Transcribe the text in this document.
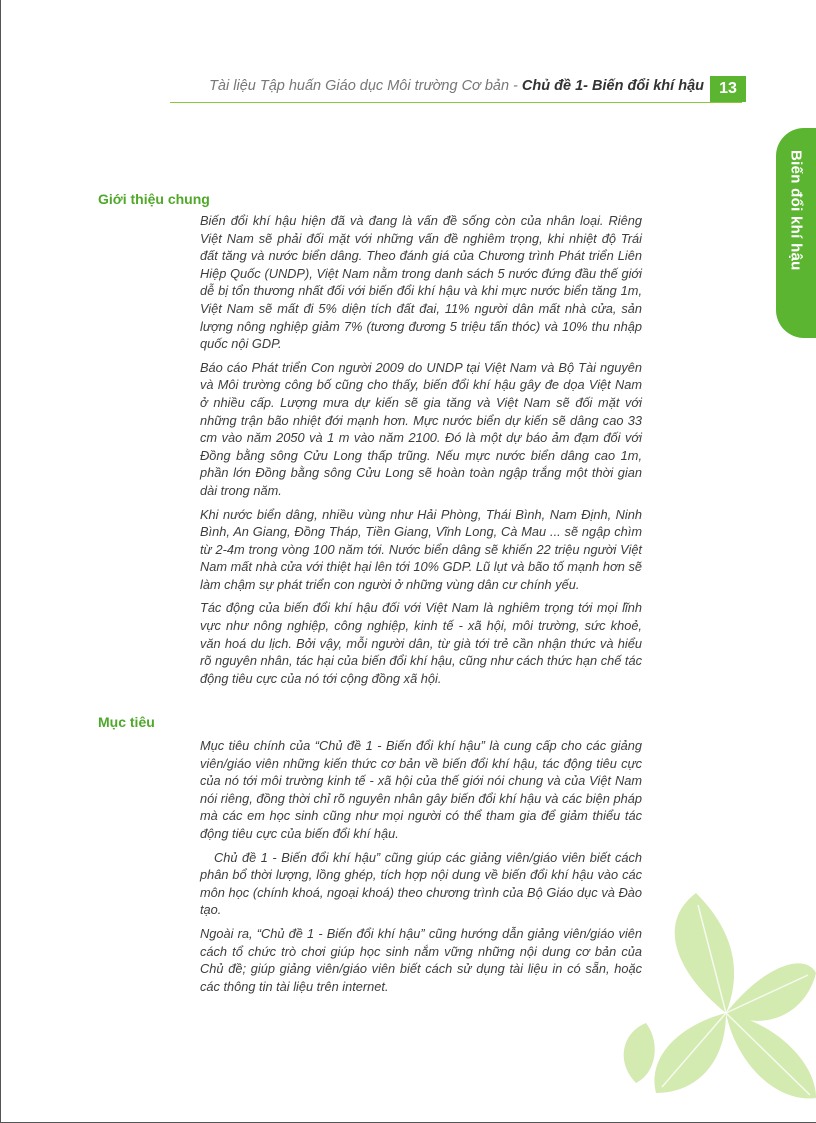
Tài liệu Tập huấn Giáo dục Môi trường Cơ bản - Chủ đề 1- Biến đổi khí hậu 13
Biến đổi khí hậu
Giới thiệu chung

Biến đổi khí hậu hiện đã và đang là vấn đề sống còn của nhân loại. Riêng Việt Nam sẽ phải đối mặt với những vấn đề nghiêm trọng, khi nhiệt độ Trái đất tăng và nước biển dâng. Theo đánh giá của Chương trình Phát triển Liên Hiệp Quốc (UNDP), Việt Nam nằm trong danh sách 5 nước đứng đầu thế giới dễ bị tổn thương nhất đối với biến đổi khí hậu và khi mực nước biển tăng 1m, Việt Nam sẽ mất đi 5% diện tích đất đai, 11% người dân mất nhà cửa, sản lượng nông nghiệp giảm 7% (tương đương 5 triệu tấn thóc) và 10% thu nhập quốc nội GDP.

Báo cáo Phát triển Con người 2009 do UNDP tại Việt Nam và Bộ Tài nguyên và Môi trường công bố cũng cho thấy, biến đổi khí hậu gây đe dọa Việt Nam ở nhiều cấp. Lượng mưa dự kiến sẽ gia tăng và Việt Nam sẽ đối mặt với những trận bão nhiệt đới mạnh hơn. Mực nước biển dự kiến sẽ dâng cao 33 cm vào năm 2050 và 1 m vào năm 2100. Đó là một dự báo ảm đạm đối với Đồng bằng sông Cửu Long thấp trũng. Nếu mực nước biển dâng cao 1m, phần lớn Đồng bằng sông Cửu Long sẽ hoàn toàn ngập trắng một thời gian dài trong năm.

Khi nước biển dâng, nhiều vùng như Hải Phòng, Thái Bình, Nam Định, Ninh Bình, An Giang, Đồng Tháp, Tiền Giang, Vĩnh Long, Cà Mau ... sẽ ngập chìm từ 2-4m trong vòng 100 năm tới. Nước biển dâng sẽ khiến 22 triệu người Việt Nam mất nhà cửa với thiệt hại lên tới 10% GDP. Lũ lụt và bão tố mạnh hơn sẽ làm chậm sự phát triển con người ở những vùng dân cư chính yếu.

Tác động của biến đổi khí hậu đối với Việt Nam là nghiêm trọng tới mọi lĩnh vực như nông nghiệp, công nghiệp, kinh tế - xã hội, môi trường, sức khoẻ, văn hoá du lịch. Bởi vậy, mỗi người dân, từ già tới trẻ cần nhận thức và hiểu rõ nguyên nhân, tác hại của biến đổi khí hậu, cũng như cách thức hạn chế tác động tiêu cực của nó tới cộng đồng xã hội.

Mục tiêu

Mục tiêu chính của “Chủ đề 1 - Biến đổi khí hậu” là cung cấp cho các giảng viên/giáo viên những kiến thức cơ bản về biến đổi khí hậu, tác động tiêu cực của nó tới môi trường kinh tế - xã hội của thế giới nói chung và của Việt Nam nói riêng, đồng thời chỉ rõ nguyên nhân gây biến đổi khí hậu và các biện pháp mà các em học sinh cũng như mọi người có thể tham gia để giảm thiểu tác động tiêu cực của biến đổi khí hậu.

Chủ đề 1 - Biến đổi khí hậu” cũng giúp các giảng viên/giáo viên biết cách phân bổ thời lượng, lồng ghép, tích hợp nội dung về biến đổi khí hậu vào các môn học (chính khoá, ngoại khoá) theo chương trình của Bộ Giáo dục và Đào tạo.

Ngoài ra, “Chủ đề 1 - Biến đổi khí hậu” cũng hướng dẫn giảng viên/giáo viên cách tổ chức trò chơi giúp học sinh nắm vững những nội dung cơ bản của Chủ đề; giúp giảng viên/giáo viên biết cách sử dụng tài liệu in có sẵn, hoặc các thông tin tài liệu trên internet.
